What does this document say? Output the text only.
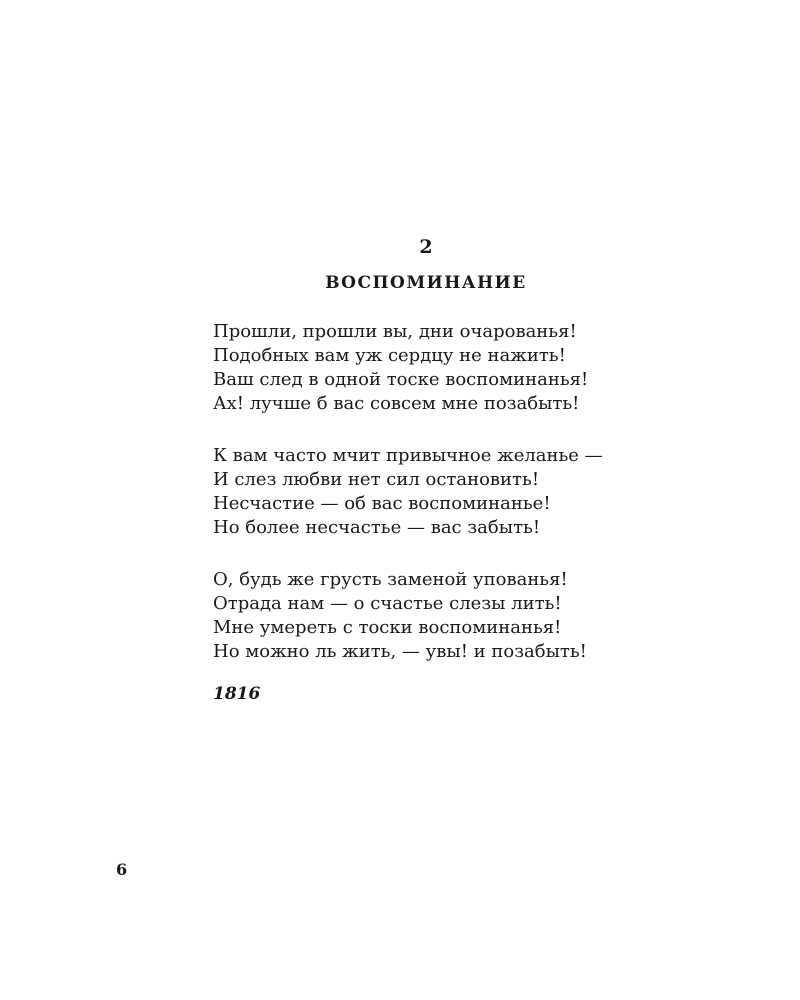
2
ВОСПОМИНАНИЕ
Прошли, прошли вы, дни очарованья!
Подобных вам уж сердцу не нажить!
Ваш след в одной тоске воспоминанья!
Ах! лучше б вас совсем мне позабыть!
К вам часто мчит привычное желанье —
И слез любви нет сил остановить!
Несчастие — об вас воспоминанье!
Но более несчастье — вас забыть!
О, будь же грусть заменой упованья!
Отрада нам — о счастье слезы лить!
Мне умереть с тоски воспоминанья!
Но можно ль жить, — увы! и позабыть!
1816
6
